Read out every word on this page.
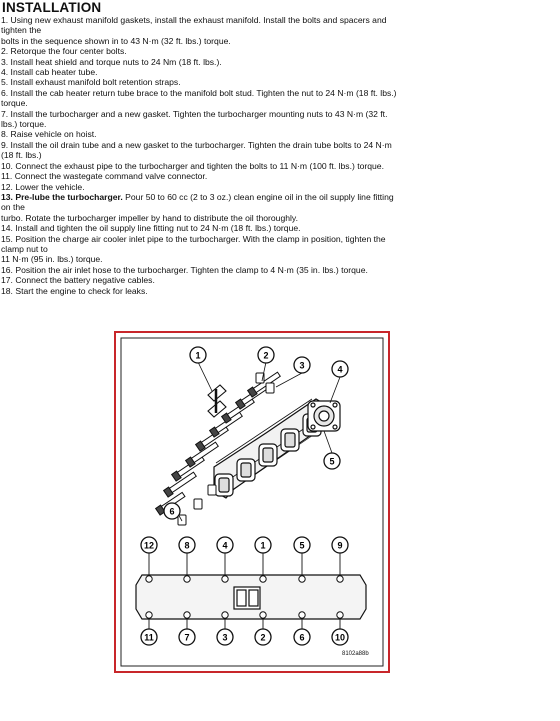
INSTALLATION
1. Using new exhaust manifold gaskets, install the exhaust manifold. Install the bolts and spacers and
tighten the
bolts in the sequence shown in to 43 N·m (32 ft. lbs.) torque.
2. Retorque the four center bolts.
3. Install heat shield and torque nuts to 24 Nm (18 ft. lbs.).
4. Install cab heater tube.
5. Install exhaust manifold bolt retention straps.
6. Install the cab heater return tube brace to the manifold bolt stud. Tighten the nut to 24 N·m (18 ft. lbs.)
torque.
7. Install the turbocharger and a new gasket. Tighten the turbocharger mounting nuts to 43 N·m (32 ft.
lbs.) torque.
8. Raise vehicle on hoist.
9. Install the oil drain tube and a new gasket to the turbocharger. Tighten the drain tube bolts to 24 N·m
(18 ft. lbs.)
10. Connect the exhaust pipe to the turbocharger and tighten the bolts to 11 N·m (100 ft. lbs.) torque.
11. Connect the wastegate command valve connector.
12. Lower the vehicle.
13. Pre-lube the turbocharger. Pour 50 to 60 cc (2 to 3 oz.) clean engine oil in the oil supply line fitting
on the
turbo. Rotate the turbocharger impeller by hand to distribute the oil thoroughly.
14. Install and tighten the oil supply line fitting nut to 24 N·m (18 ft. lbs.) torque.
15. Position the charge air cooler inlet pipe to the turbocharger. With the clamp in position, tighten the
clamp nut to
11 N·m (95 in. lbs.) torque.
16. Position the air inlet hose to the turbocharger. Tighten the clamp to 4 N·m (35 in. lbs.) torque.
17. Connect the battery negative cables.
18. Start the engine to check for leaks.
1	2
3	4
5
6
12	8	4	1	5	9
11	7	3	2	6	10
8102a88b
